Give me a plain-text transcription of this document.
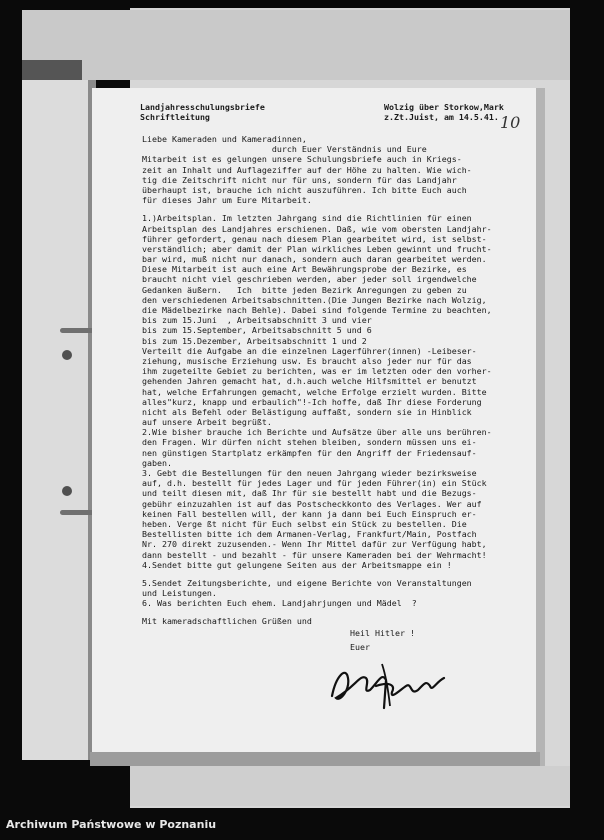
Landjahresschulungsbriefe
Schriftleitung
Wolzig über Storkow,Mark
z.Zt.Juist, am 14.5.41. 10
Liebe Kameraden und Kameradinnen,
durch Euer Verständnis und Eure
Mitarbeit ist es gelungen unsere Schulungsbriefe auch in Kriegs-
zeit an Inhalt und Auflageziffer auf der Höhe zu halten. Wie wich-
tig die Zeitschrift nicht nur für uns, sondern für das Landjahr
überhaupt ist, brauche ich nicht auszuführen. Ich bitte Euch auch
für dieses Jahr um Eure Mitarbeit.
1.)Arbeitsplan. Im letzten Jahrgang sind die Richtlinien für einen
Arbeitsplan des Landjahres erschienen. Daß, wie vom obersten Landjahr-
führer gefordert, genau nach diesem Plan gearbeitet wird, ist selbst-
verständlich; aber damit der Plan wirkliches Leben gewinnt und frucht-
bar wird, muß nicht nur danach, sondern auch daran gearbeitet werden.
Diese Mitarbeit ist auch eine Art Bewährungsprobe der Bezirke, es
braucht nicht viel geschrieben werden, aber jeder soll irgendwelche
Gedanken äußern.   Ich  bitte jeden Bezirk Anregungen zu geben zu
den verschiedenen Arbeitsabschnitten.(Die Jungen Bezirke nach Wolzig,
die Mädelbezirke nach Behle). Dabei sind folgende Termine zu beachten,
bis zum 15.Juni  , Arbeitsabschnitt 3 und vier
bis zum 15.September, Arbeitsabschnitt 5 und 6
bis zum 15.Dezember, Arbeitsabschnitt 1 und 2
Verteilt die Aufgabe an die einzelnen Lagerführer(innen) -Leibeser-
ziehung, musische Erziehung usw. Es braucht also jeder nur für das
ihm zugeteilte Gebiet zu berichten, was er im letzten oder den vorher-
gehenden Jahren gemacht hat, d.h.auch welche Hilfsmittel er benutzt
hat, welche Erfahrungen gemacht, welche Erfolge erzielt wurden. Bitte
alles"kurz, knapp und erbaulich"!-Ich hoffe, daß Ihr diese Forderung
nicht als Befehl oder Belästigung auffaßt, sondern sie in Hinblick
auf unsere Arbeit begrüßt.
2.Wie bisher brauche ich Berichte und Aufsätze über alle uns berühren-
den Fragen. Wir dürfen nicht stehen bleiben, sondern müssen uns ei-
nen günstigen Startplatz erkämpfen für den Angriff der Friedensauf-
gaben.
3. Gebt die Bestellungen für den neuen Jahrgang wieder bezirksweise
auf, d.h. bestellt für jedes Lager und für jeden Führer(in) ein Stück
und teilt diesen mit, daß Ihr für sie bestellt habt und die Bezugs-
gebühr einzuzahlen ist auf das Postscheckkonto des Verlages. Wer auf
keinen Fall bestellen will, der kann ja dann bei Euch Einspruch er-
heben. Verge ßt nicht für Euch selbst ein Stück zu bestellen. Die
Bestellisten bitte ich dem Armanen-Verlag, Frankfurt/Main, Postfach
Nr. 270 direkt zuzusenden.- Wenn Ihr Mittel dafür zur Verfügung habt,
dann bestellt - und bezahlt - für unsere Kameraden bei der Wehrmacht!
4.Sendet bitte gut gelungene Seiten aus der Arbeitsmappe ein !
5.Sendet Zeitungsberichte, und eigene Berichte von Veranstaltungen
und Leistungen.
6. Was berichten Euch ehem. Landjahrjungen und Mädel  ?
Mit kameradschaftlichen Grüßen und
Heil Hitler !
Euer
Archiwum Państwowe w Poznaniu
